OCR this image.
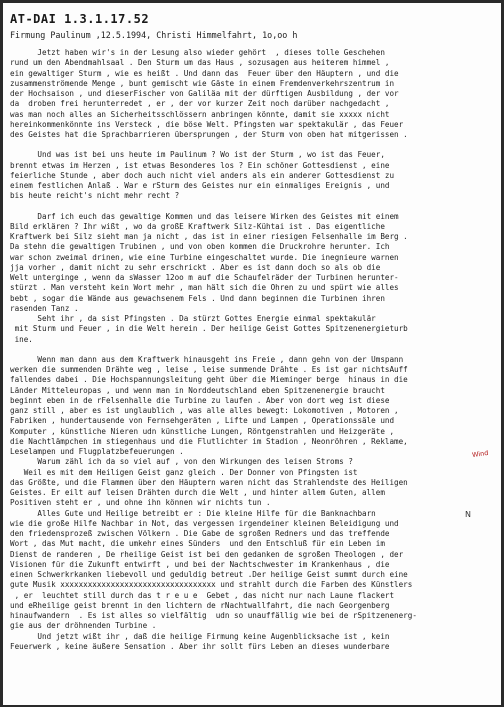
AT-DAI 1.3.1.17.52
Firmung Paulinum ,12.5.1994, Christi Himmelfahrt, 1o,oo h
Jetzt haben wir's in der Lesung also wieder gehört  , dieses tolle Geschehen
rund um den Abendmahlsaal . Den Sturm um das Haus , sozusagen aus heiterem himmel ,
ein gewaltiger Sturm , wie es heißt . Und dann das  Feuer über den Häuptern , und die
zusammenströmende Menge , bunt gemischt wie Gäste in einem Fremdenverkehrszentrum in
der Hochsaison , und dieserFischer von Galiläa mit der dürftigen Ausbildung , der vor
da  droben frei herunterredet , er , der vor kurzer Zeit noch darüber nachgedacht ,
was man noch alles an Sicherheitsschlössern anbringen könnte, damit sie xxxxx nicht
hereinkommenkönnte ins Versteck , die böse Welt. Pfingsten war spektakulär , das Feuer
des Geistes hat die Sprachbarrieren übersprungen , der Sturm von oben hat mitgerissen .
Und was ist bei uns heute im Paulinum ? Wo ist der Sturm , wo ist das Feuer,
brennt etwas im Herzen , ist etwas Besonderes los ? Ein schöner Gottesdienst , eine
feierliche Stunde , aber doch auch nicht viel anders als ein anderer Gottesdienst zu
einem festlichen Anlaß . War e rSturm des Geistes nur ein einmaliges Ereignis , und
bis heute reicht's nicht mehr recht ?
Darf ich euch das gewaltige Kommen und das leisere Wirken des Geistes mit einem
Bild erklären ? Ihr wißt , wo da großE Kraftwerk Silz-Kühtai ist . Das eigentliche
Kraftwerk bei Silz sieht man ja nicht , das ist in einer riesigen Felsenhalle im Berg .
Da stehn die gewaltigen Trubinen , und von oben kommen die Druckrohre herunter. Ich
war schon zweimal drinen, wie eine Turbine eingeschaltet wurde. Die inegnieure warnen
jja vorher , damit nicht zu sehr erschrickt . Aber es ist dann doch so als ob die
Welt unterginge , wenn da sWasser 12oo m auf die Schaufelräder der Turbinen herunter-
stürzt . Man versteht kein Wort mehr , man hält sich die Ohren zu und spürt wie alles
bebt , sogar die Wände aus gewachsenem Fels . Und dann beginnen die Turbinen ihren
rasenden Tanz .
Seht ihr , da sist Pfingsten . Da stürzt Gottes Energie einmal spektakulär
mit Sturm und Feuer , in die Welt herein . Der heilige Geist Gottes Spitzenenergieturb
ine.
Wenn man dann aus dem Kraftwerk hinausgeht ins Freie , dann gehn von der Umspann
werken die summenden Drähte weg , leise , leise summende Drähte . Es ist gar nichtsAuff
fallendes dabei . Die Hochspannungsleitung geht über die Mieminger berge  hinaus in die
Länder Mitteleuropas , und wenn man in Norddeutschland eben Spitzenenergie braucht
beginnt eben in de rFelsenhalle die Turbine zu laufen . Aber von dort weg ist diese
ganz still , aber es ist unglaublich , was alle alles bewegt: Lokomotiven , Motoren ,
Fabriken , hundertausende von Fernsehgeräten , Lifte und Lampen , Operationssäle und
Komputer , künstliche Nieren udn künstliche Lungen, Röntgenstrahlen und Heizgeräte ,
die Nachtlämpchen im stiegenhaus und die Flutlichter im Stadion , Neonröhren , Reklame,
Leselampen und Flugplatzbefeuerungen .
Warum zähl ich da so viel auf , von den Wirkungen des leisen Stroms ?
Weil es mit dem Heiligen Geist ganz gleich . Der Donner von Pfingsten ist
das Größte, und die Flammen über den Häuptern waren nicht das Strahlendste des Heiligen
Geistes. Er eilt auf leisen Drähten durch die Welt , und hinter allem Guten, allem
Positiven steht er , und ohne ihn können wir nichts tun .
Alles Gute und Heilige betreibt er : Die kleine Hilfe für die Banknachbarn
wie die große Hilfe Nachbar in Not, das vergessen irgendeiner kleinen Beleidigung und
den friedensprozeß zwischen Völkern . Die Gabe de sgroßen Redners und das treffende
Wort , das Mut macht, die umkehr eines Sünders  und den Entschluß für ein Leben im
Dienst de randeren , De rheilige Geist ist bei den gedanken de sgroßen Theologen , der
Visionen für die Zukunft entwirft , und bei der Nachtschwester im Krankenhaus , die
einen Schwerkrkanken liebevoll und geduldig betreut .Der heilige Geist summt durch eine
gute Musik xxxxxxxxxxxxxxxxxxxxxxxxxxxxxxxxxx und strahlt durch die Farben des Künstlers
, er  leuchtet still durch das t r e u e  Gebet , das nicht nur nach Laune flackert
und eRheilige geist brennt in den lichtern de rNachtwallfahrt, die nach Georgenberg
hinaufwandern  . Es ist alles so vielfältig  udn so unauffällig wie bei de rSpitzenenerg-
gie aus der dröhnenden Turbine .
Und jetzt wißt ihr , daß die heilige Firmung keine Augenblicksache ist , kein
Feuerwerk , keine äußere Sensation . Aber ihr sollt fürs Leben an dieses wunderbare
Wind
N
